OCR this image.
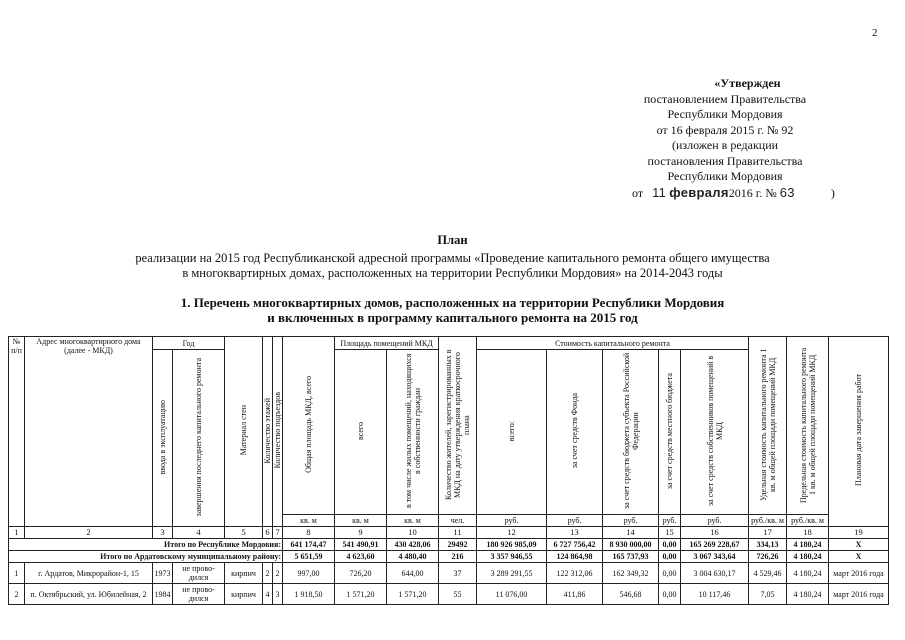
2
«Утвержден
постановлением Правительства
Республики Мордовия
от 16 февраля 2015 г. № 92
(изложен в редакции
постановления Правительства
Республики Мордовия
от 11 февраля2016 г. № 63	)
План
реализации на 2015 год Республиканской адресной программы «Проведение капитального ремонта общего имущества
в многоквартирных домах, расположенных на территории Республики Мордовия» на 2014-2043 годы
1. Перечень многоквартирных домов, расположенных на территории Республики Мордовия
и включенных в программу капитального ремонта на 2015 год
№ п/п	Адрес многоквартирного дома (далее - МКД)	Год		Материал стен	Количество этажей	Количество подъездов	Общая площадь МКД, всего	Площадь помещений МКД		Количество жителей, зарегистрированных в МКД на дату утверждения краткосрочного плана	Стоимость капитального ремонта					Удельная стоимость капитального ремонта 1 кв. м общей площади помещений МКД	Предельная стоимость капитального ремонта 1 кв. м общей площади помещений МКД	Плановая дата завершения работ
		ввода в эксплуатацию	завершения последнего капитального ремонта					всего	в том числе жилых помещений, находящихся в собственности граждан		всего:	за счет средств Фонда	за счет средств бюджета субъекта Российской Федерации	за счет средств местного бюджета	за счет средств собственников помещений в МКД			
							кв. м	кв. м	кв. м	чел.	руб.	руб.	руб.	руб.	руб.	руб./кв. м	руб./кв. м	
1	2	3	4	5	6	7	8	9	10	11	12	13	14	15	16	17	18	19
Итого по Республике Мордовия:							641 174,47	541 490,91	430 428,06	29492	180 926 985,09	6 727 756,42	8 930 000,00	0,00	165 269 228,67	334,13	4 180,24	X
Итого по Ардатовскому муниципальному району:							5 651,59	4 623,60	4 480,40	216	3 357 946,55	124 864,98	165 737,93	0,00	3 067 343,64	726,26	4 180,24	X
1	г. Ардатов, Микрорайон-1, 15	1973	не прово-дился	кирпич	2	2	997,00	726,20	644,00	37	3 289 291,55	122 312,06	162 349,32	0,00	3 004 630,17	4 529,46	4 180,24	март 2016 года
2	п. Октябрьский, ул. Юбилейная, 2	1984	не прово-дился	кирпич	4	3	1 918,50	1 571,20	1 571,20	55	11 076,00	411,86	546,68	0,00	10 117,46	7,05	4 180,24	март 2016 года
